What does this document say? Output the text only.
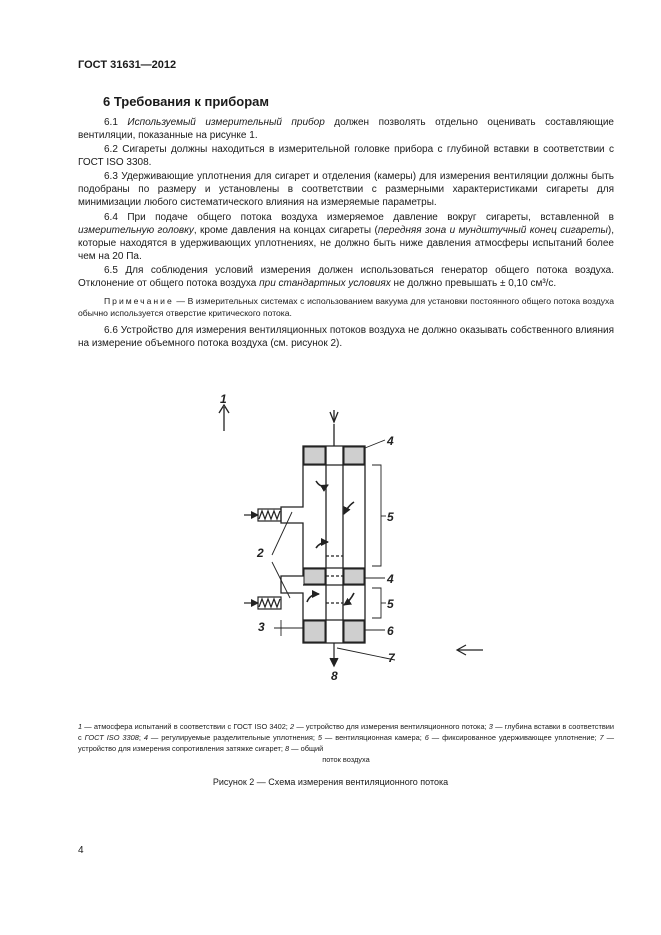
ГОСТ 31631—2012
6 Требования к приборам

6.1 Используемый измерительный прибор должен позволять отдельно оценивать составляющие вентиляции, показанные на рисунке 1.

6.2 Сигареты должны находиться в измерительной головке прибора с глубиной вставки в соответствии с ГОСТ ISO 3308.

6.3 Удерживающие уплотнения для сигарет и отделения (камеры) для измерения вентиляции должны быть подобраны по размеру и установлены в соответствии с размерными характеристиками сигареты для минимизации любого систематического влияния на измеряемые параметры.

6.4 При подаче общего потока воздуха измеряемое давление вокруг сигареты, вставленной в измерительную головку, кроме давления на концах сигареты (передняя зона и мундштучный конец сигареты), которые находятся в удерживающих уплотнениях, не должно быть ниже давления атмосферы испытаний более чем на 20 Па.

6.5 Для соблюдения условий измерения должен использоваться генератор общего потока воздуха. Отклонение от общего потока воздуха при стандартных условиях не должно превышать ± 0,10 см³/с.

Примечание — В измерительных системах с использованием вакуума для установки постоянного общего потока воздуха обычно используется отверстие критического потока.

6.6 Устройство для измерения вентиляционных потоков воздуха не должно оказывать собственного влияния на измерение объемного потока воздуха (см. рисунок 2).

1
2
3
4
4
5
5
6
7
8
1 — атмосфера испытаний в соответствии с ГОСТ ISO 3402; 2 — устройство для измерения вентиляционного потока; 3 — глубина вставки в соответствии с ГОСТ ISO 3308; 4 — регулируемые разделительные уплотнения; 5 — вентиляционная камера; 6 — фиксированное удерживающее уплотнение; 7 — устройство для измерения сопротивления затяжке сигарет; 8 — общий
поток воздуха
Рисунок 2 — Схема измерения вентиляционного потока
4
